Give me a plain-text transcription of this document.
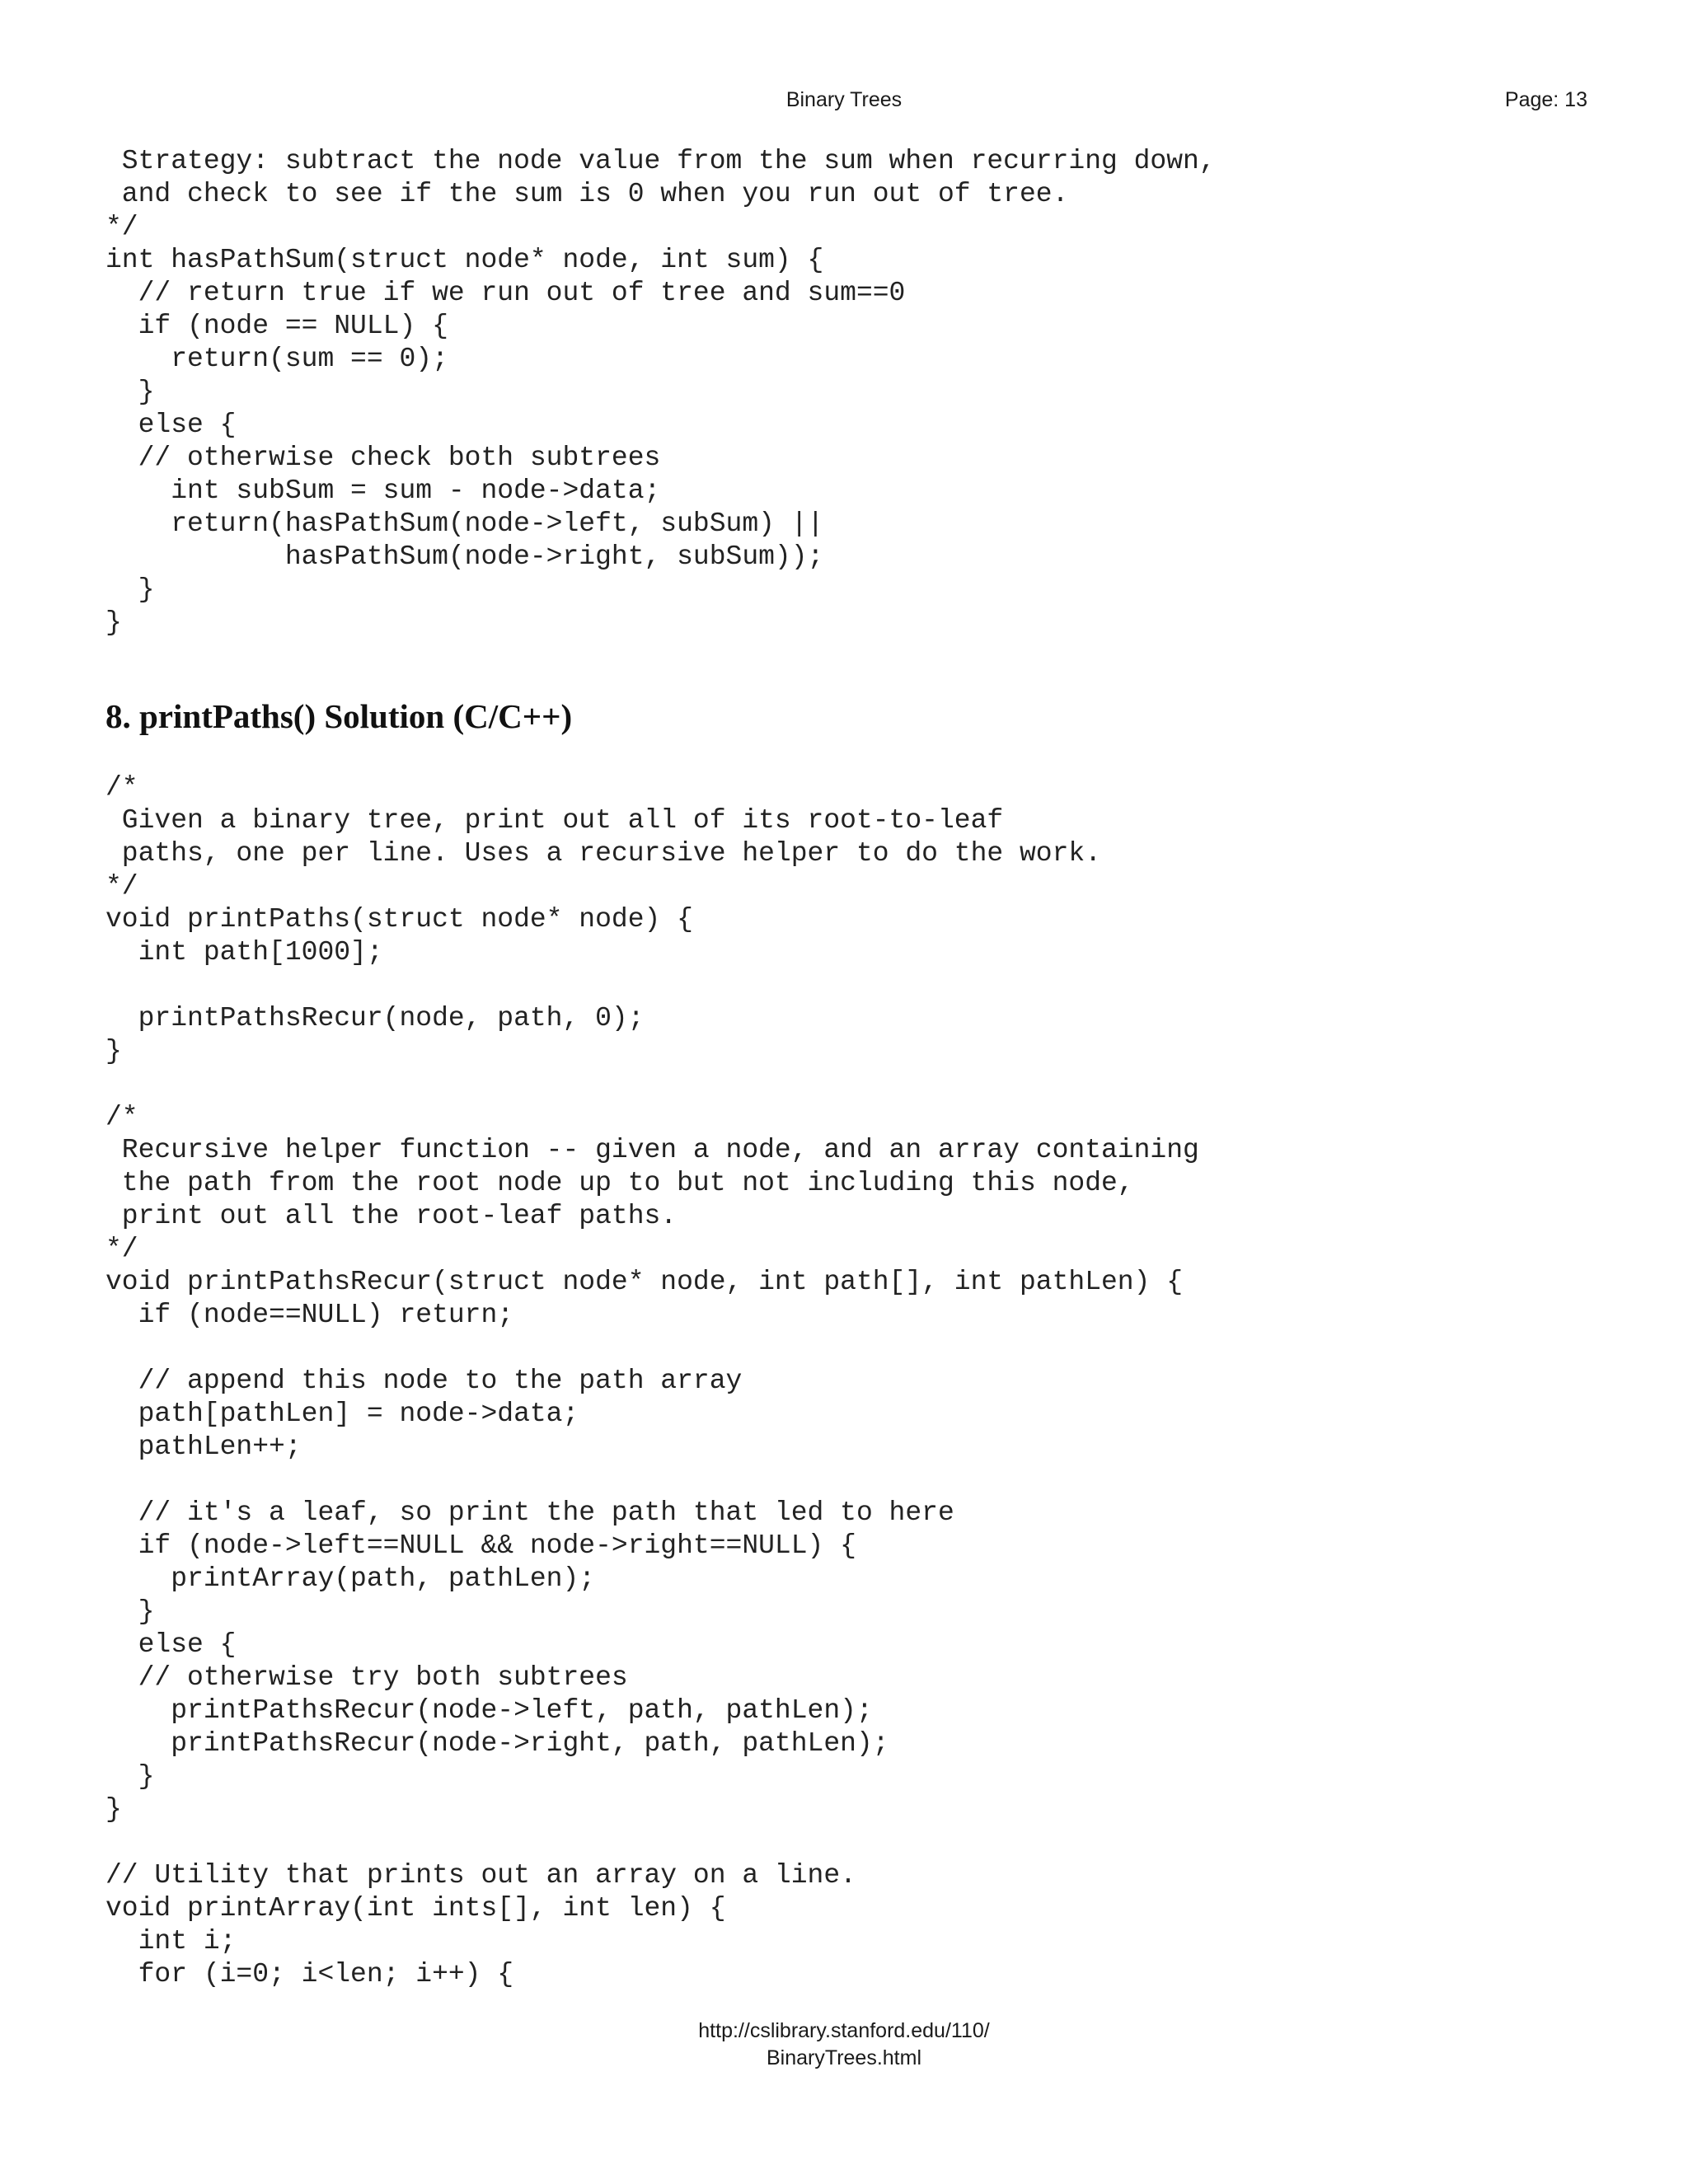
Binary Trees	Page: 13
Strategy: subtract the node value from the sum when recurring down,
and check to see if the sum is 0 when you run out of tree.
*/
int hasPathSum(struct node* node, int sum) {
// return true if we run out of tree and sum==0
if (node == NULL) {
return(sum == 0);
}
else {
// otherwise check both subtrees
int subSum = sum - node->data;
return(hasPathSum(node->left, subSum) ||
hasPathSum(node->right, subSum));
}
}
8. printPaths() Solution (C/C++)
/*
Given a binary tree, print out all of its root-to-leaf
paths, one per line. Uses a recursive helper to do the work.
*/
void printPaths(struct node* node) {
int path[1000];

printPathsRecur(node, path, 0);
}

/*
Recursive helper function -- given a node, and an array containing
the path from the root node up to but not including this node,
print out all the root-leaf paths.
*/
void printPathsRecur(struct node* node, int path[], int pathLen) {
if (node==NULL) return;

// append this node to the path array
path[pathLen] = node->data;
pathLen++;

// it's a leaf, so print the path that led to here
if (node->left==NULL && node->right==NULL) {
printArray(path, pathLen);
}
else {
// otherwise try both subtrees
printPathsRecur(node->left, path, pathLen);
printPathsRecur(node->right, path, pathLen);
}
}

// Utility that prints out an array on a line.
void printArray(int ints[], int len) {
int i;
for (i=0; i<len; i++) {
http://cslibrary.stanford.edu/110/
BinaryTrees.html
